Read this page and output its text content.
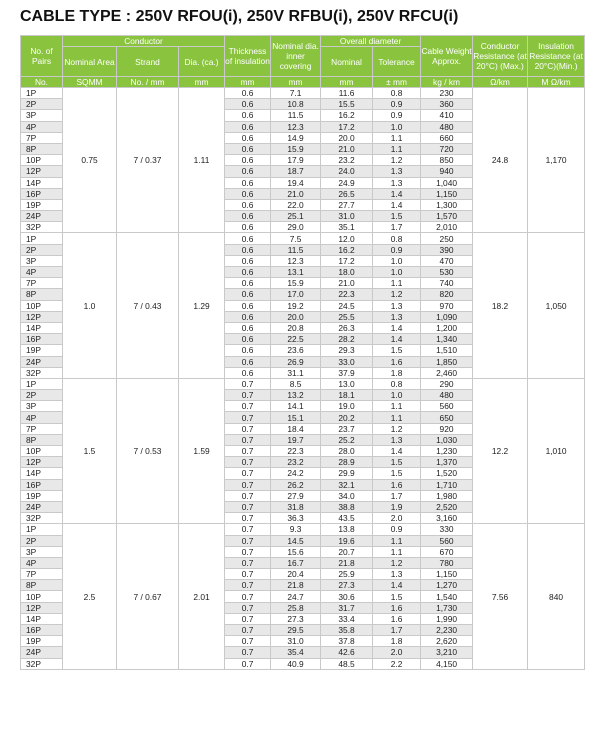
CABLE TYPE : 250V RFOU(i), 250V RFBU(i), 250V RFCU(i)
No. of Pairs	Conductor			Thickness of insulation	Nominal dia. inner covering	Overall diameter		Cable Weight Approx.	Conductor Resistance (at 20°C) (Max.)	Insulation Resistance (at 20°C)(Min.)
	Nominal Area	Strand	Dia. (ca.)			Nominal	Tolerance			
No.	SQMM	No. / mm	mm	mm	mm	mm	± mm	kg / km	Ω/km	M Ω/km
1P	0.75	7 / 0.37	1.11	0.6	7.1	11.6	0.8	230	24.8	1,170
2P				0.6	10.8	15.5	0.9	360		
3P				0.6	11.5	16.2	0.9	410		
4P				0.6	12.3	17.2	1.0	480		
7P				0.6	14.9	20.0	1.1	660		
8P				0.6	15.9	21.0	1.1	720		
10P				0.6	17.9	23.2	1.2	850		
12P				0.6	18.7	24.0	1.3	940		
14P				0.6	19.4	24.9	1.3	1,040		
16P				0.6	21.0	26.5	1.4	1,150		
19P				0.6	22.0	27.7	1.4	1,300		
24P				0.6	25.1	31.0	1.5	1,570		
32P				0.6	29.0	35.1	1.7	2,010		
1P	1.0	7 / 0.43	1.29	0.6	7.5	12.0	0.8	250	18.2	1,050
2P				0.6	11.5	16.2	0.9	390		
3P				0.6	12.3	17.2	1.0	470		
4P				0.6	13.1	18.0	1.0	530		
7P				0.6	15.9	21.0	1.1	740		
8P				0.6	17.0	22.3	1.2	820		
10P				0.6	19.2	24.5	1.3	970		
12P				0.6	20.0	25.5	1.3	1,090		
14P				0.6	20.8	26.3	1.4	1,200		
16P				0.6	22.5	28.2	1.4	1,340		
19P				0.6	23.6	29.3	1.5	1,510		
24P				0.6	26.9	33.0	1.6	1,850		
32P				0.6	31.1	37.9	1.8	2,460		
1P	1.5	7 / 0.53	1.59	0.7	8.5	13.0	0.8	290	12.2	1,010
2P				0.7	13.2	18.1	1.0	480		
3P				0.7	14.1	19.0	1.1	560		
4P				0.7	15.1	20.2	1.1	650		
7P				0.7	18.4	23.7	1.2	920		
8P				0.7	19.7	25.2	1.3	1,030		
10P				0.7	22.3	28.0	1.4	1,230		
12P				0.7	23.2	28.9	1.5	1,370		
14P				0.7	24.2	29.9	1.5	1,520		
16P				0.7	26.2	32.1	1.6	1,710		
19P				0.7	27.9	34.0	1.7	1,980		
24P				0.7	31.8	38.8	1.9	2,520		
32P				0.7	36.3	43.5	2.0	3,160		
1P	2.5	7 / 0.67	2.01	0.7	9.3	13.8	0.9	330	7.56	840
2P				0.7	14.5	19.6	1.1	560		
3P				0.7	15.6	20.7	1.1	670		
4P				0.7	16.7	21.8	1.2	780		
7P				0.7	20.4	25.9	1.3	1,150		
8P				0.7	21.8	27.3	1.4	1,270		
10P				0.7	24.7	30.6	1.5	1,540		
12P				0.7	25.8	31.7	1.6	1,730		
14P				0.7	27.3	33.4	1.6	1,990		
16P				0.7	29.5	35.8	1.7	2,230		
19P				0.7	31.0	37.8	1.8	2,620		
24P				0.7	35.4	42.6	2.0	3,210		
32P				0.7	40.9	48.5	2.2	4,150		
